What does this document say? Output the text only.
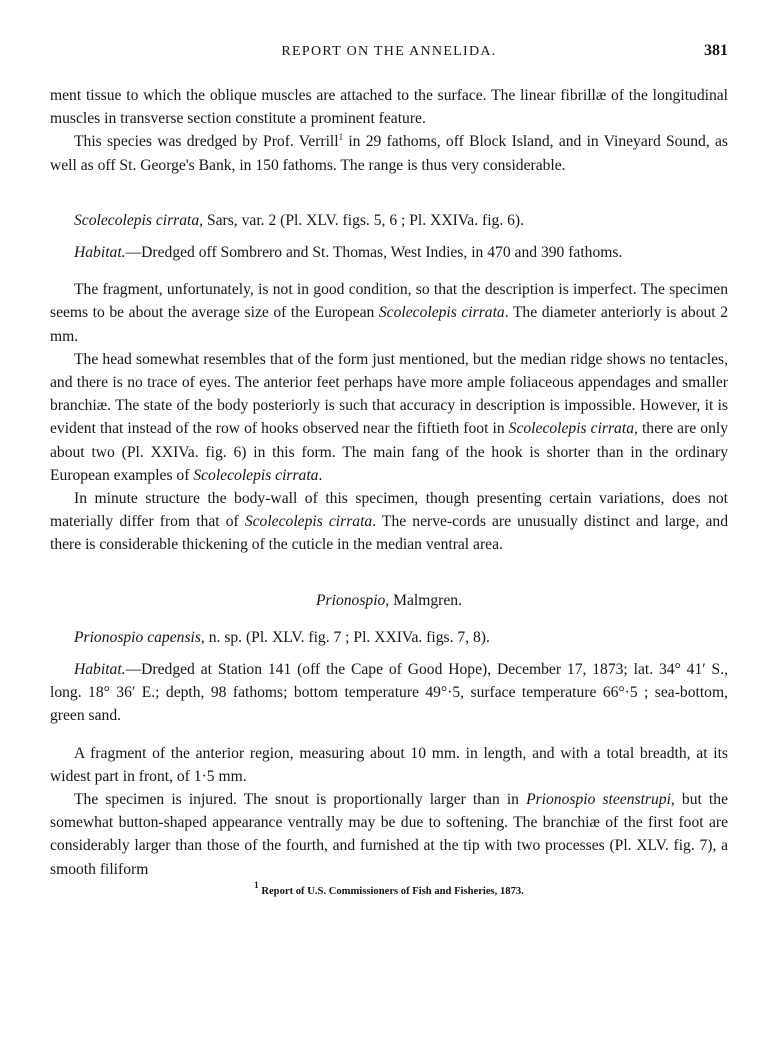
REPORT ON THE ANNELIDA.	381

ment tissue to which the oblique muscles are attached to the surface. The linear fibrillæ of the longitudinal muscles in transverse section constitute a prominent feature.

This species was dredged by Prof. Verrill$^1$ in 29 fathoms, off Block Island, and in Vineyard Sound, as well as off St. George's Bank, in 150 fathoms. The range is thus very considerable.

Scolecolepis cirrata, Sars, var. 2 (Pl. XLV. figs. 5, 6 ; Pl. XXIVa. fig. 6).

Habitat.—Dredged off Sombrero and St. Thomas, West Indies, in 470 and 390 fathoms.

The fragment, unfortunately, is not in good condition, so that the description is imperfect. The specimen seems to be about the average size of the European Scolecolepis cirrata. The diameter anteriorly is about 2 mm.

The head somewhat resembles that of the form just mentioned, but the median ridge shows no tentacles, and there is no trace of eyes. The anterior feet perhaps have more ample foliaceous appendages and smaller branchiæ. The state of the body posteriorly is such that accuracy in description is impossible. However, it is evident that instead of the row of hooks observed near the fiftieth foot in Scolecolepis cirrata, there are only about two (Pl. XXIVa. fig. 6) in this form. The main fang of the hook is shorter than in the ordinary European examples of Scolecolepis cirrata.

In minute structure the body-wall of this specimen, though presenting certain variations, does not materially differ from that of Scolecolepis cirrata. The nerve-cords are unusually distinct and large, and there is considerable thickening of the cuticle in the median ventral area.

Prionospio, Malmgren.

Prionospio capensis, n. sp. (Pl. XLV. fig. 7 ; Pl. XXIVa. figs. 7, 8).

Habitat.—Dredged at Station 141 (off the Cape of Good Hope), December 17, 1873; lat. 34° 41′ S., long. 18° 36′ E.; depth, 98 fathoms; bottom temperature 49°·5, surface temperature 66°·5 ; sea-bottom, green sand.

A fragment of the anterior region, measuring about 10 mm. in length, and with a total breadth, at its widest part in front, of 1·5 mm.

The specimen is injured. The snout is proportionally larger than in Prionospio steenstrupi, but the somewhat button-shaped appearance ventrally may be due to softening. The branchiæ of the first foot are considerably larger than those of the fourth, and furnished at the tip with two processes (Pl. XLV. fig. 7), a smooth filiform

$^1$ Report of U.S. Commissioners of Fish and Fisheries, 1873.
